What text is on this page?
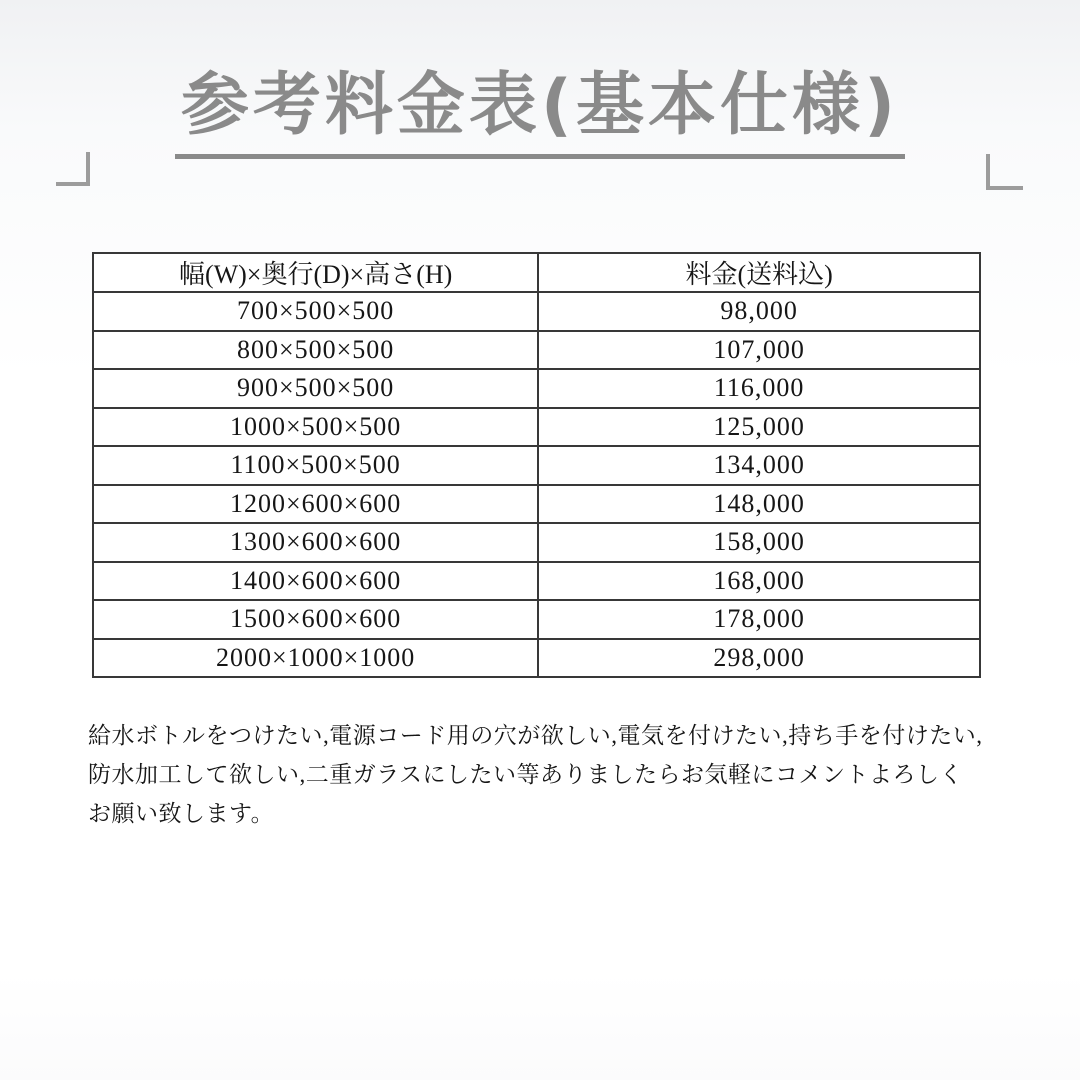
参考料金表(基本仕様)
幅(W)×奥行(D)×高さ(H)	料金(送料込)
700×500×500	98,000
800×500×500	107,000
900×500×500	116,000
1000×500×500	125,000
1100×500×500	134,000
1200×600×600	148,000
1300×600×600	158,000
1400×600×600	168,000
1500×600×600	178,000
2000×1000×1000	298,000
給水ボトルをつけたい,電源コード用の穴が欲しい,電気を付けたい,持ち手を付けたい,
防水加工して欲しい,二重ガラスにしたい等ありましたらお気軽にコメントよろしく
お願い致します。
